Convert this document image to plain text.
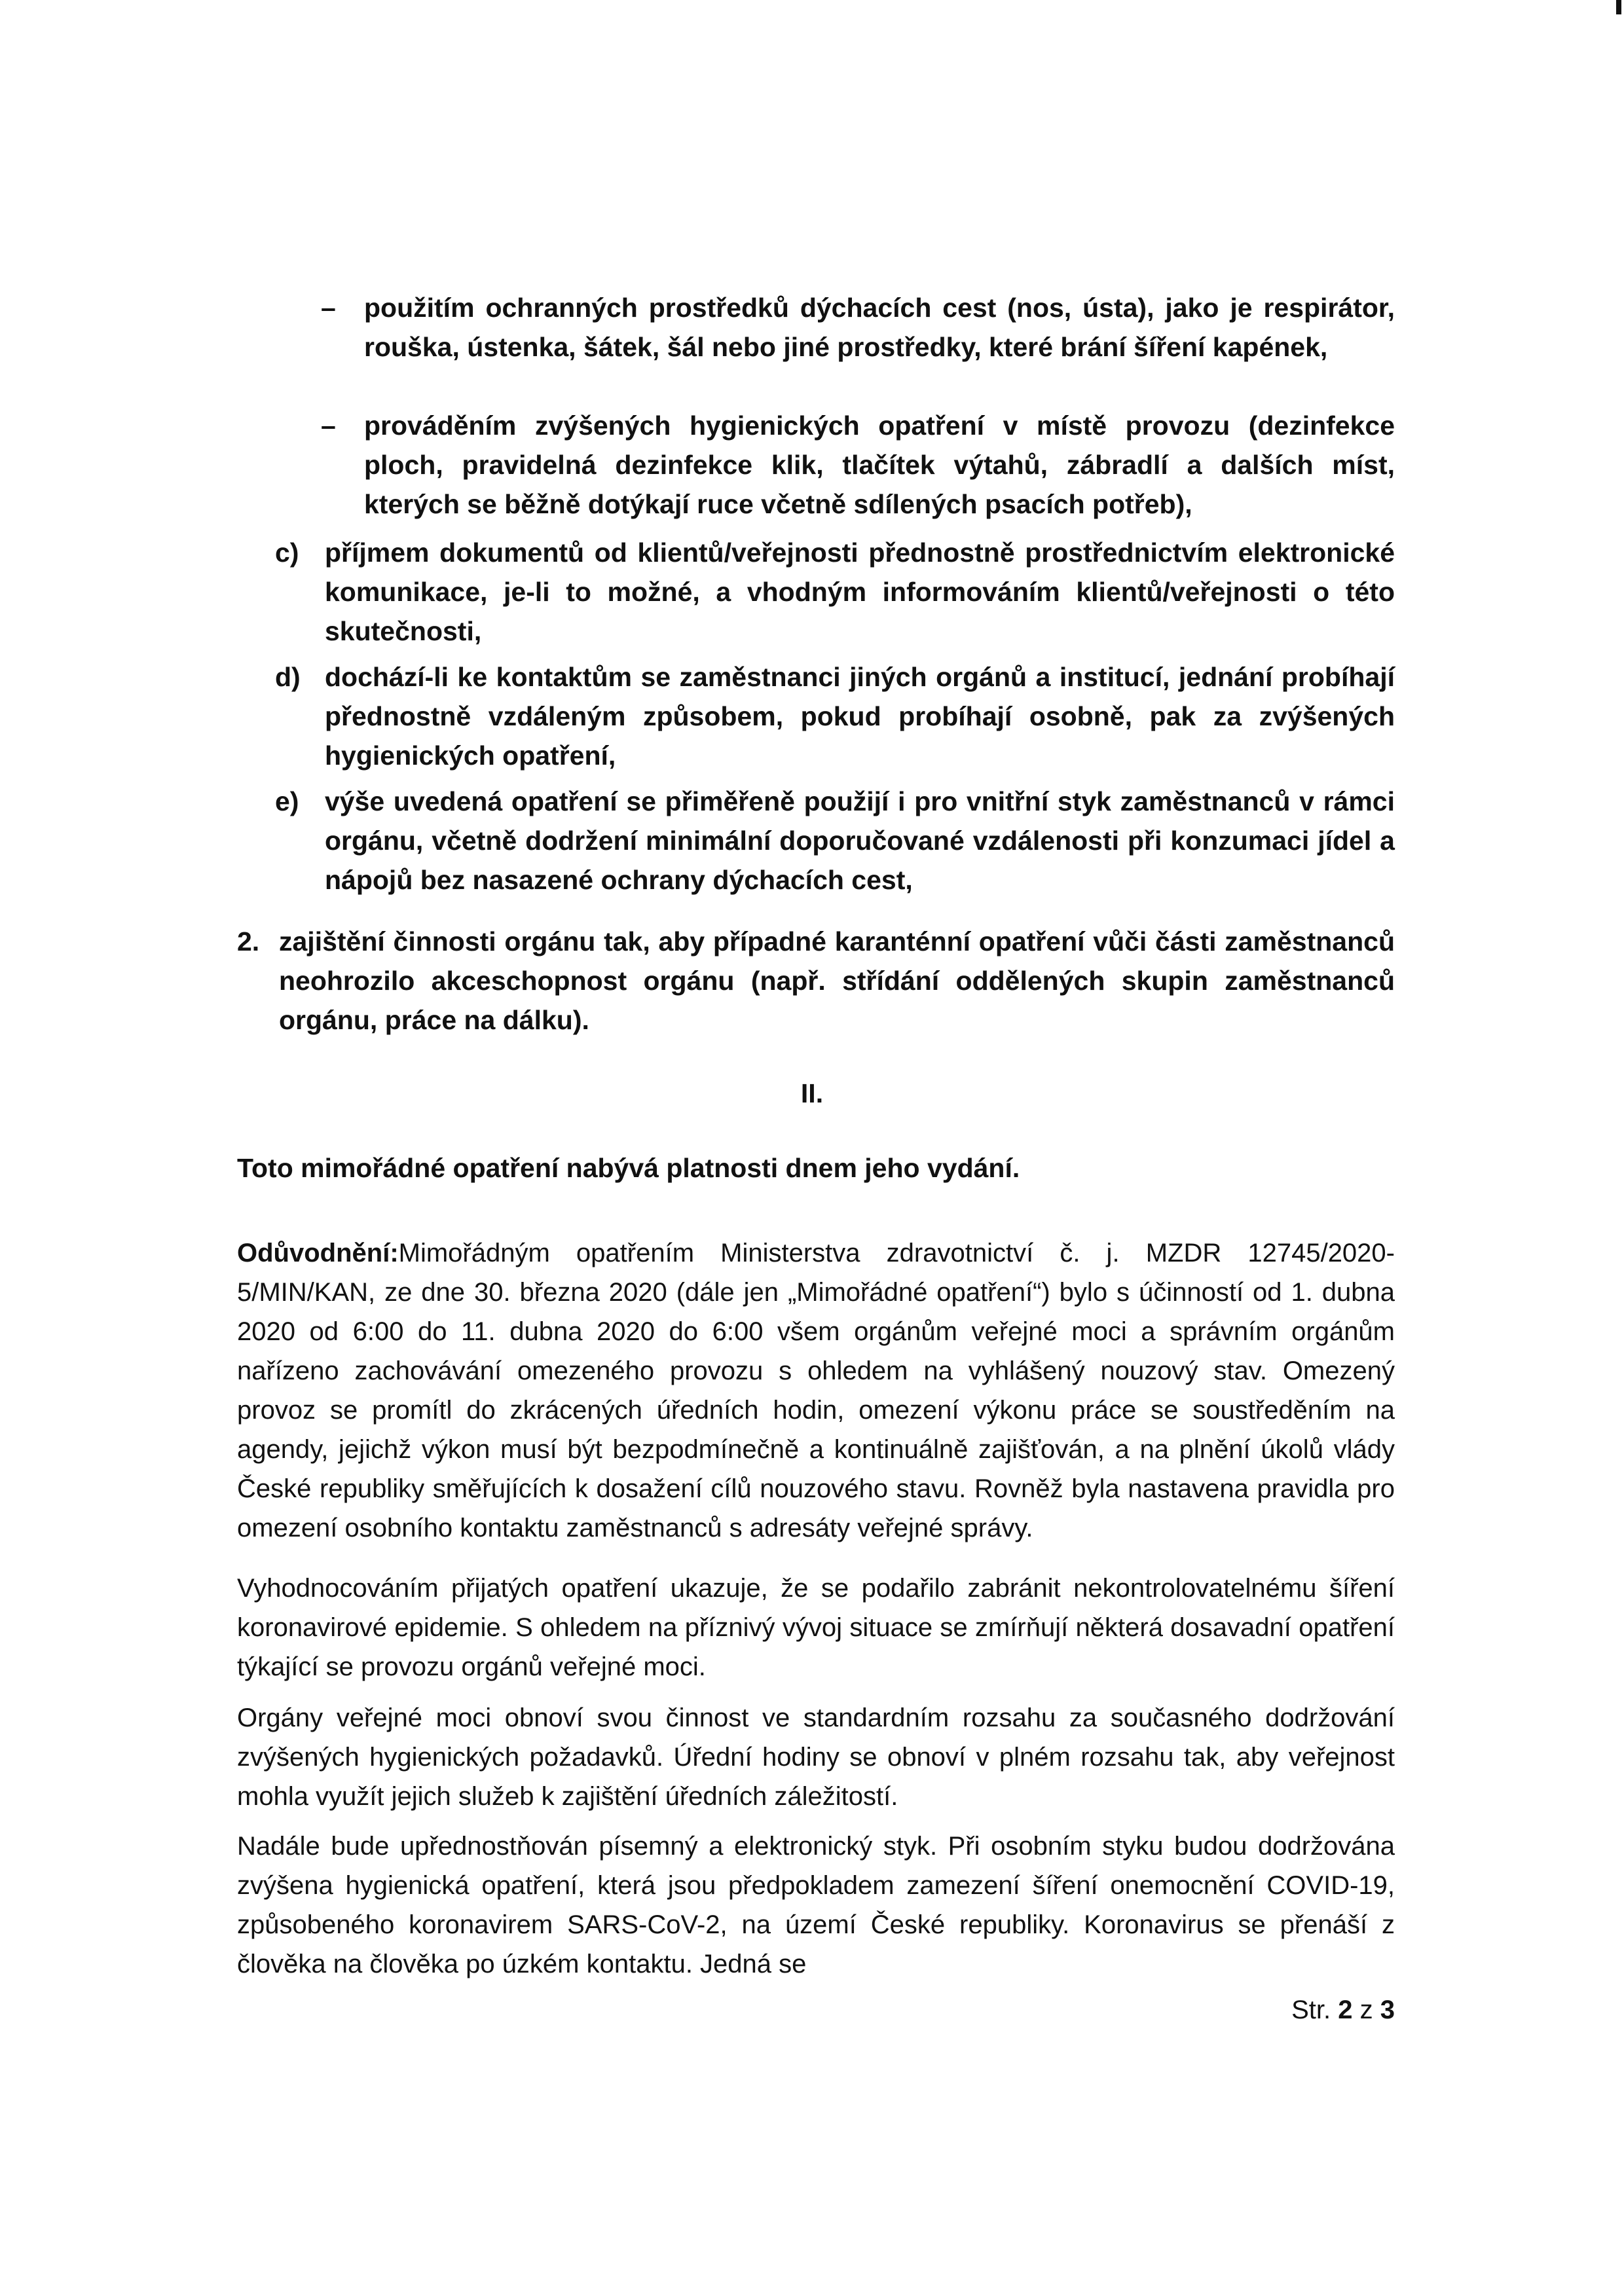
– použitím ochranných prostředků dýchacích cest (nos, ústa), jako je respirátor, rouška, ústenka, šátek, šál nebo jiné prostředky, které brání šíření kapének,
– prováděním zvýšených hygienických opatření v místě provozu (dezinfekce ploch, pravidelná dezinfekce klik, tlačítek výtahů, zábradlí a dalších míst, kterých se běžně dotýkají ruce včetně sdílených psacích potřeb),
c) příjmem dokumentů od klientů/veřejnosti přednostně prostřednictvím elektronické komunikace, je-li to možné, a vhodným informováním klientů/veřejnosti o této skutečnosti,
d) dochází-li ke kontaktům se zaměstnanci jiných orgánů a institucí, jednání probíhají přednostně vzdáleným způsobem, pokud probíhají osobně, pak za zvýšených hygienických opatření,
e) výše uvedená opatření se přiměřeně použijí i pro vnitřní styk zaměstnanců v rámci orgánu, včetně dodržení minimální doporučované vzdálenosti při konzumaci jídel a nápojů bez nasazené ochrany dýchacích cest,
2. zajištění činnosti orgánu tak, aby případné karanténní opatření vůči části zaměstnanců neohrozilo akceschopnost orgánu (např. střídání oddělených skupin zaměstnanců orgánu, práce na dálku).
II.
Toto mimořádné opatření nabývá platnosti dnem jeho vydání.
Odůvodnění:Mimořádným opatřením Ministerstva zdravotnictví č. j. MZDR 12745/2020-5/MIN/KAN, ze dne 30. března 2020 (dále jen „Mimořádné opatření“) bylo s účinností od 1. dubna 2020 od 6:00 do 11. dubna 2020 do 6:00 všem orgánům veřejné moci a správním orgánům nařízeno zachovávání omezeného provozu s ohledem na vyhlášený nouzový stav. Omezený provoz se promítl do zkrácených úředních hodin, omezení výkonu práce se soustředěním na agendy, jejichž výkon musí být bezpodmínečně a kontinuálně zajišťován, a na plnění úkolů vlády České republiky směřujících k dosažení cílů nouzového stavu. Rovněž byla nastavena pravidla pro omezení osobního kontaktu zaměstnanců s adresáty veřejné správy.
Vyhodnocováním přijatých opatření ukazuje, že se podařilo zabránit nekontrolovatelnému šíření koronavirové epidemie. S ohledem na příznivý vývoj situace se zmírňují některá dosavadní opatření týkající se provozu orgánů veřejné moci.
Orgány veřejné moci obnoví svou činnost ve standardním rozsahu za současného dodržování zvýšených hygienických požadavků. Úřední hodiny se obnoví v plném rozsahu tak, aby veřejnost mohla využít jejich služeb k zajištění úředních záležitostí.
Nadále bude upřednostňován písemný a elektronický styk. Při osobním styku budou dodržována zvýšena hygienická opatření, která jsou předpokladem zamezení šíření onemocnění COVID-19, způsobeného koronavirem SARS-CoV-2, na území České republiky. Koronavirus se přenáší z člověka na člověka po úzkém kontaktu. Jedná se
Str. 2 z 3
